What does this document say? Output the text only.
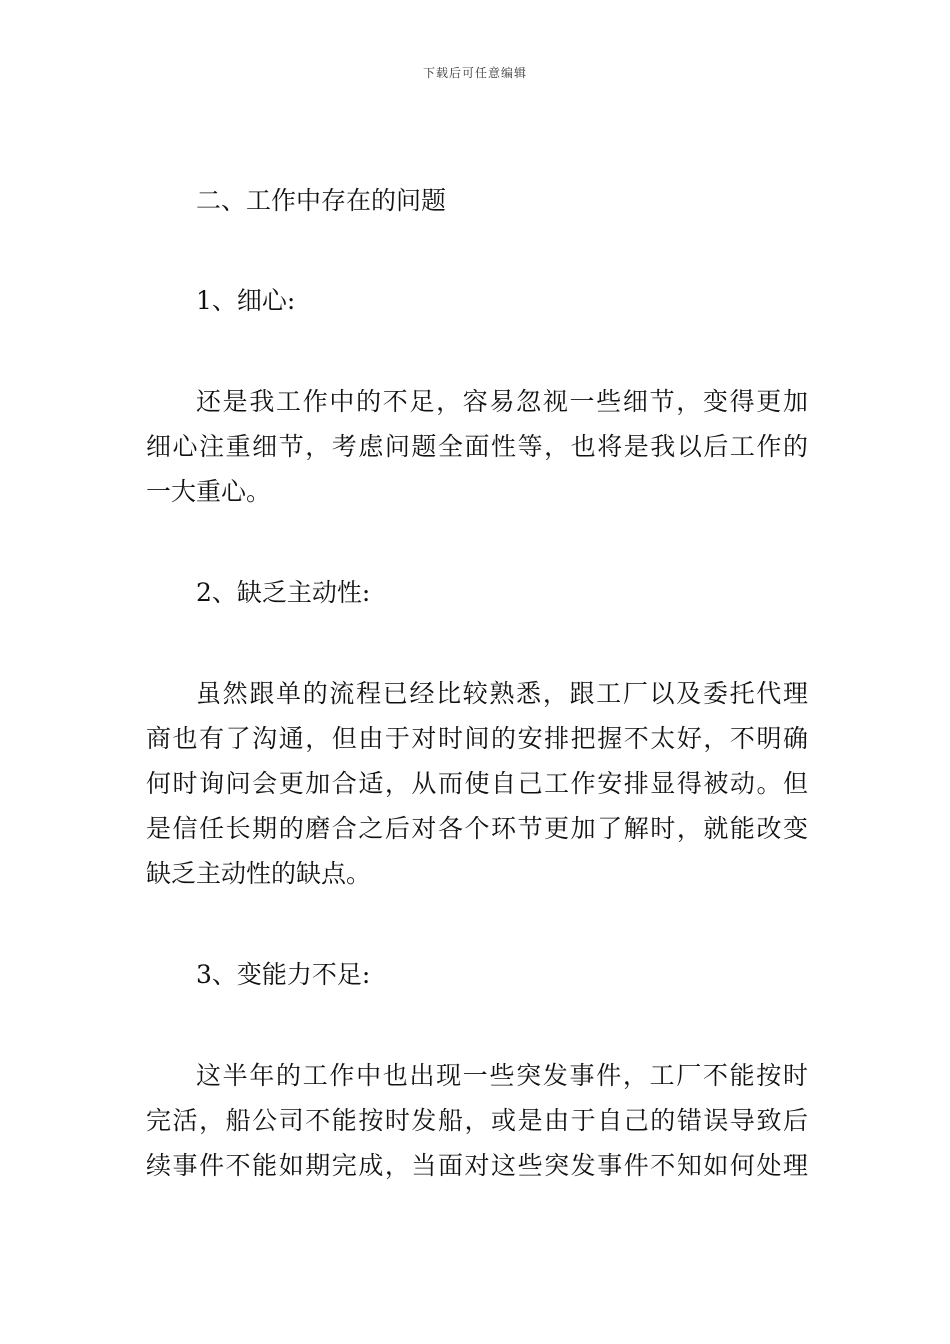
下载后可任意编辑
二、工作中存在的问题
1、细心:
还是我工作中的不足，容易忽视一些细节，变得更加
细心注重细节，考虑问题全面性等，也将是我以后工作的
一大重心。
2、缺乏主动性:
虽然跟单的流程已经比较熟悉，跟工厂以及委托代理
商也有了沟通，但由于对时间的安排把握不太好，不明确
何时询问会更加合适，从而使自己工作安排显得被动。但
是信任长期的磨合之后对各个环节更加了解时，就能改变
缺乏主动性的缺点。
3、变能力不足:
这半年的工作中也出现一些突发事件，工厂不能按时
完活，船公司不能按时发船，或是由于自己的错误导致后
续事件不能如期完成，当面对这些突发事件不知如何处理
